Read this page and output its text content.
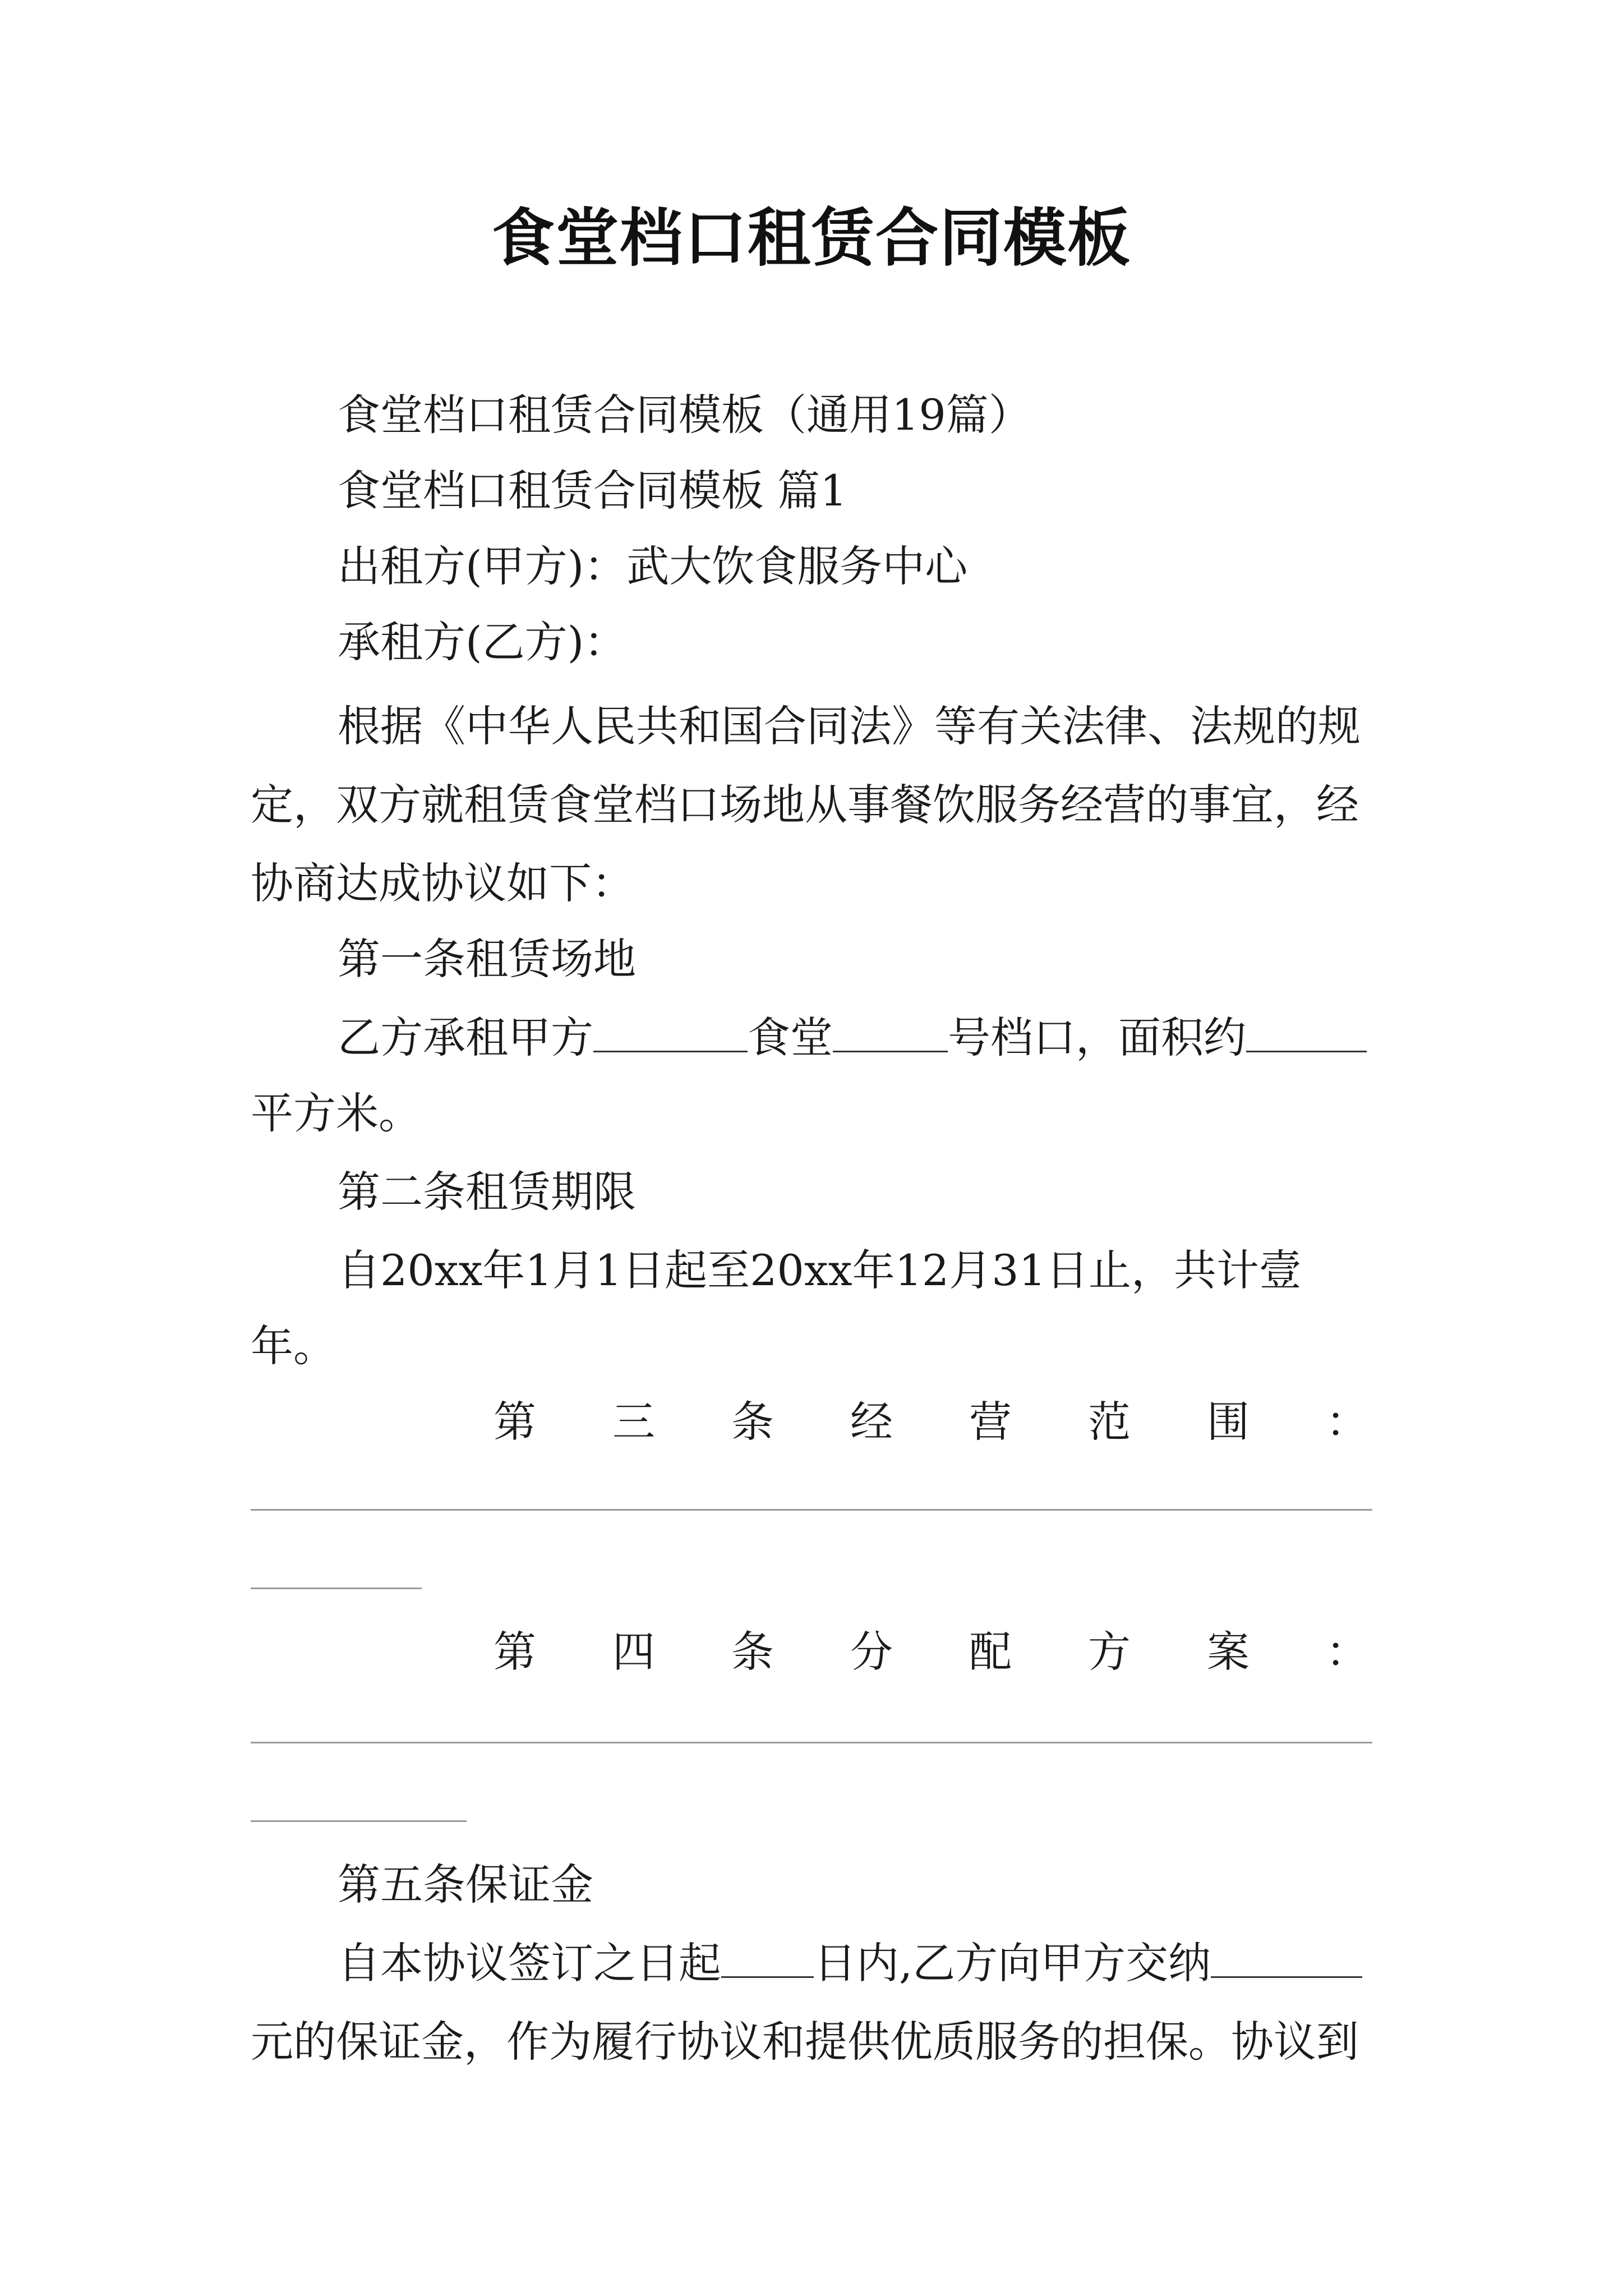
食堂档口租赁合同模板
食堂档口租赁合同模板（通用19篇）
食堂档口租赁合同模板 篇1
出租方(甲方)：武大饮食服务中心
承租方(乙方)：
根据《中华人民共和国合同法》等有关法律、法规的规
定，双方就租赁食堂档口场地从事餐饮服务经营的事宜，经
协商达成协议如下：
第一条租赁场地
乙方承租甲方	食堂	号档口，面积约
平方米。
第二条租赁期限
自20xx年1月1日起至20xx年12月31日止，共计壹
年。
第 三 条 经 营 范 围 ：
第 四 条 分 配 方 案 ：
第五条保证金
自本协议签订之日起 日内,乙方向甲方交纳
元的保证金，作为履行协议和提供优质服务的担保。协议到
